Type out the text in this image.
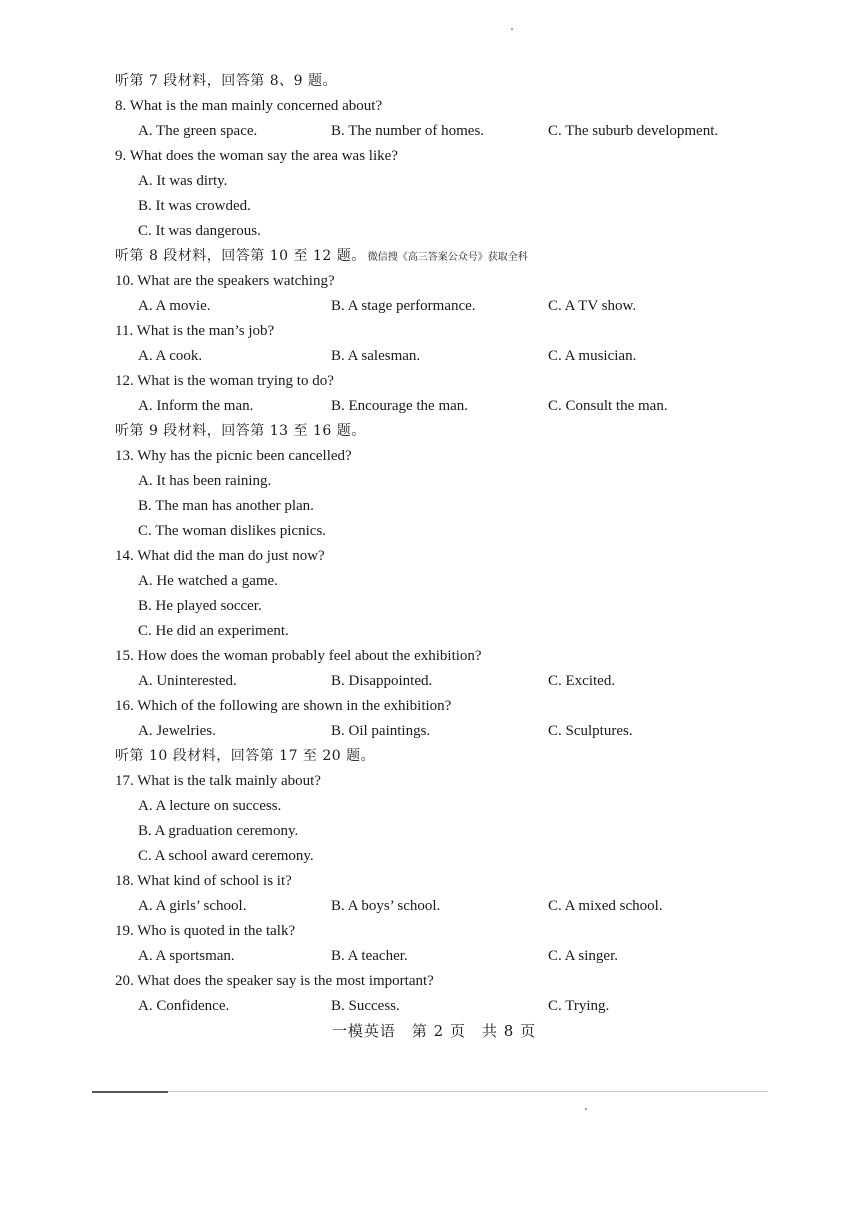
听第 7 段材料，回答第 8、9 题。
8. What is the man mainly concerned about?
A. The green space.	B. The number of homes.	C. The suburb development.
9. What does the woman say the area was like?
A. It was dirty.
B. It was crowded.
C. It was dangerous.
听第 8 段材料，回答第 10 至 12 题。 微信搜《高三答案公众号》获取全科
10. What are the speakers watching?
A. A movie.	B. A stage performance.	C. A TV show.
11. What is the man’s job?
A. A cook.	B. A salesman.	C. A musician.
12. What is the woman trying to do?
A. Inform the man.	B. Encourage the man.	C. Consult the man.
听第 9 段材料，回答第 13 至 16 题。
13. Why has the picnic been cancelled?
A. It has been raining.
B. The man has another plan.
C. The woman dislikes picnics.
14. What did the man do just now?
A. He watched a game.
B. He played soccer.
C. He did an experiment.
15. How does the woman probably feel about the exhibition?
A. Uninterested.	B. Disappointed.	C. Excited.
16. Which of the following are shown in the exhibition?
A. Jewelries.	B. Oil paintings.	C. Sculptures.
听第 10 段材料，回答第 17 至 20 题。
17. What is the talk mainly about?
A. A lecture on success.
B. A graduation ceremony.
C. A school award ceremony.
18. What kind of school is it?
A. A girls’ school.	B. A boys’ school.	C. A mixed school.
19. Who is quoted in the talk?
A. A sportsman.	B. A teacher.	C. A singer.
20. What does the speaker say is the most important?
A. Confidence.	B. Success.	C. Trying.
一模英语　第 2 页　共 8 页
